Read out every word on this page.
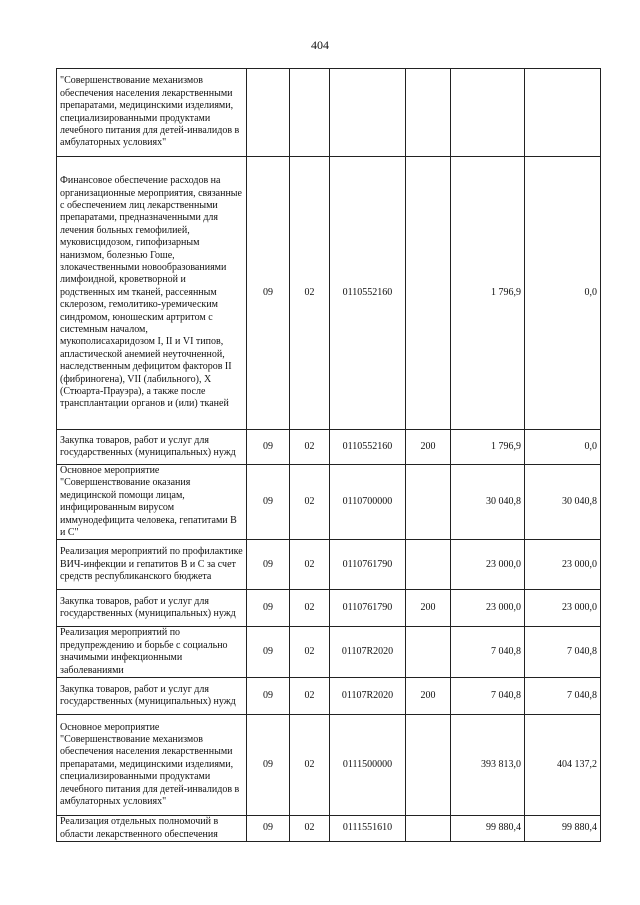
404
"Совершенствование механизмов обеспечения населения лекарственными препаратами, медицинскими изделиями, специализированными продуктами лечебного питания для детей-инвалидов в амбулаторных условиях"						
Финансовое обеспечение расходов на организационные мероприятия, связанные с обеспечением лиц лекарственными препаратами, предназначенными для лечения больных гемофилией, муковисцидозом, гипофизарным нанизмом, болезнью Гоше, злокачественными новообразованиями лимфоидной, кроветворной и родственных им тканей, рассеянным склерозом, гемолитико-уремическим синдромом, юношеским артритом с системным началом, мукополисахаридозом I, II и VI типов, апластической анемией неуточненной, наследственным дефицитом факторов II (фибриногена), VII (лабильного), X (Стюарта-Прауэра), а также после трансплантации органов и (или) тканей	09	02	0110552160		1 796,9	0,0
Закупка товаров, работ и услуг для государственных (муниципальных) нужд	09	02	0110552160	200	1 796,9	0,0
Основное мероприятие "Совершенствование оказания медицинской помощи лицам, инфицированным вирусом иммунодефицита человека, гепатитами В и С"	09	02	0110700000		30 040,8	30 040,8
Реализация мероприятий по профилактике ВИЧ-инфекции и гепатитов В и С за счет средств республиканского бюджета	09	02	0110761790		23 000,0	23 000,0
Закупка товаров, работ и услуг для государственных (муниципальных) нужд	09	02	0110761790	200	23 000,0	23 000,0
Реализация мероприятий по предупреждению и борьбе с социально значимыми инфекционными заболеваниями	09	02	01107R2020		7 040,8	7 040,8
Закупка товаров, работ и услуг для государственных (муниципальных) нужд	09	02	01107R2020	200	7 040,8	7 040,8
Основное мероприятие "Совершенствование механизмов обеспечения населения лекарственными препаратами, медицинскими изделиями, специализированными продуктами лечебного питания для детей-инвалидов в амбулаторных условиях"	09	02	0111500000		393 813,0	404 137,2
Реализация отдельных полномочий в области лекарственного обеспечения	09	02	0111551610		99 880,4	99 880,4
